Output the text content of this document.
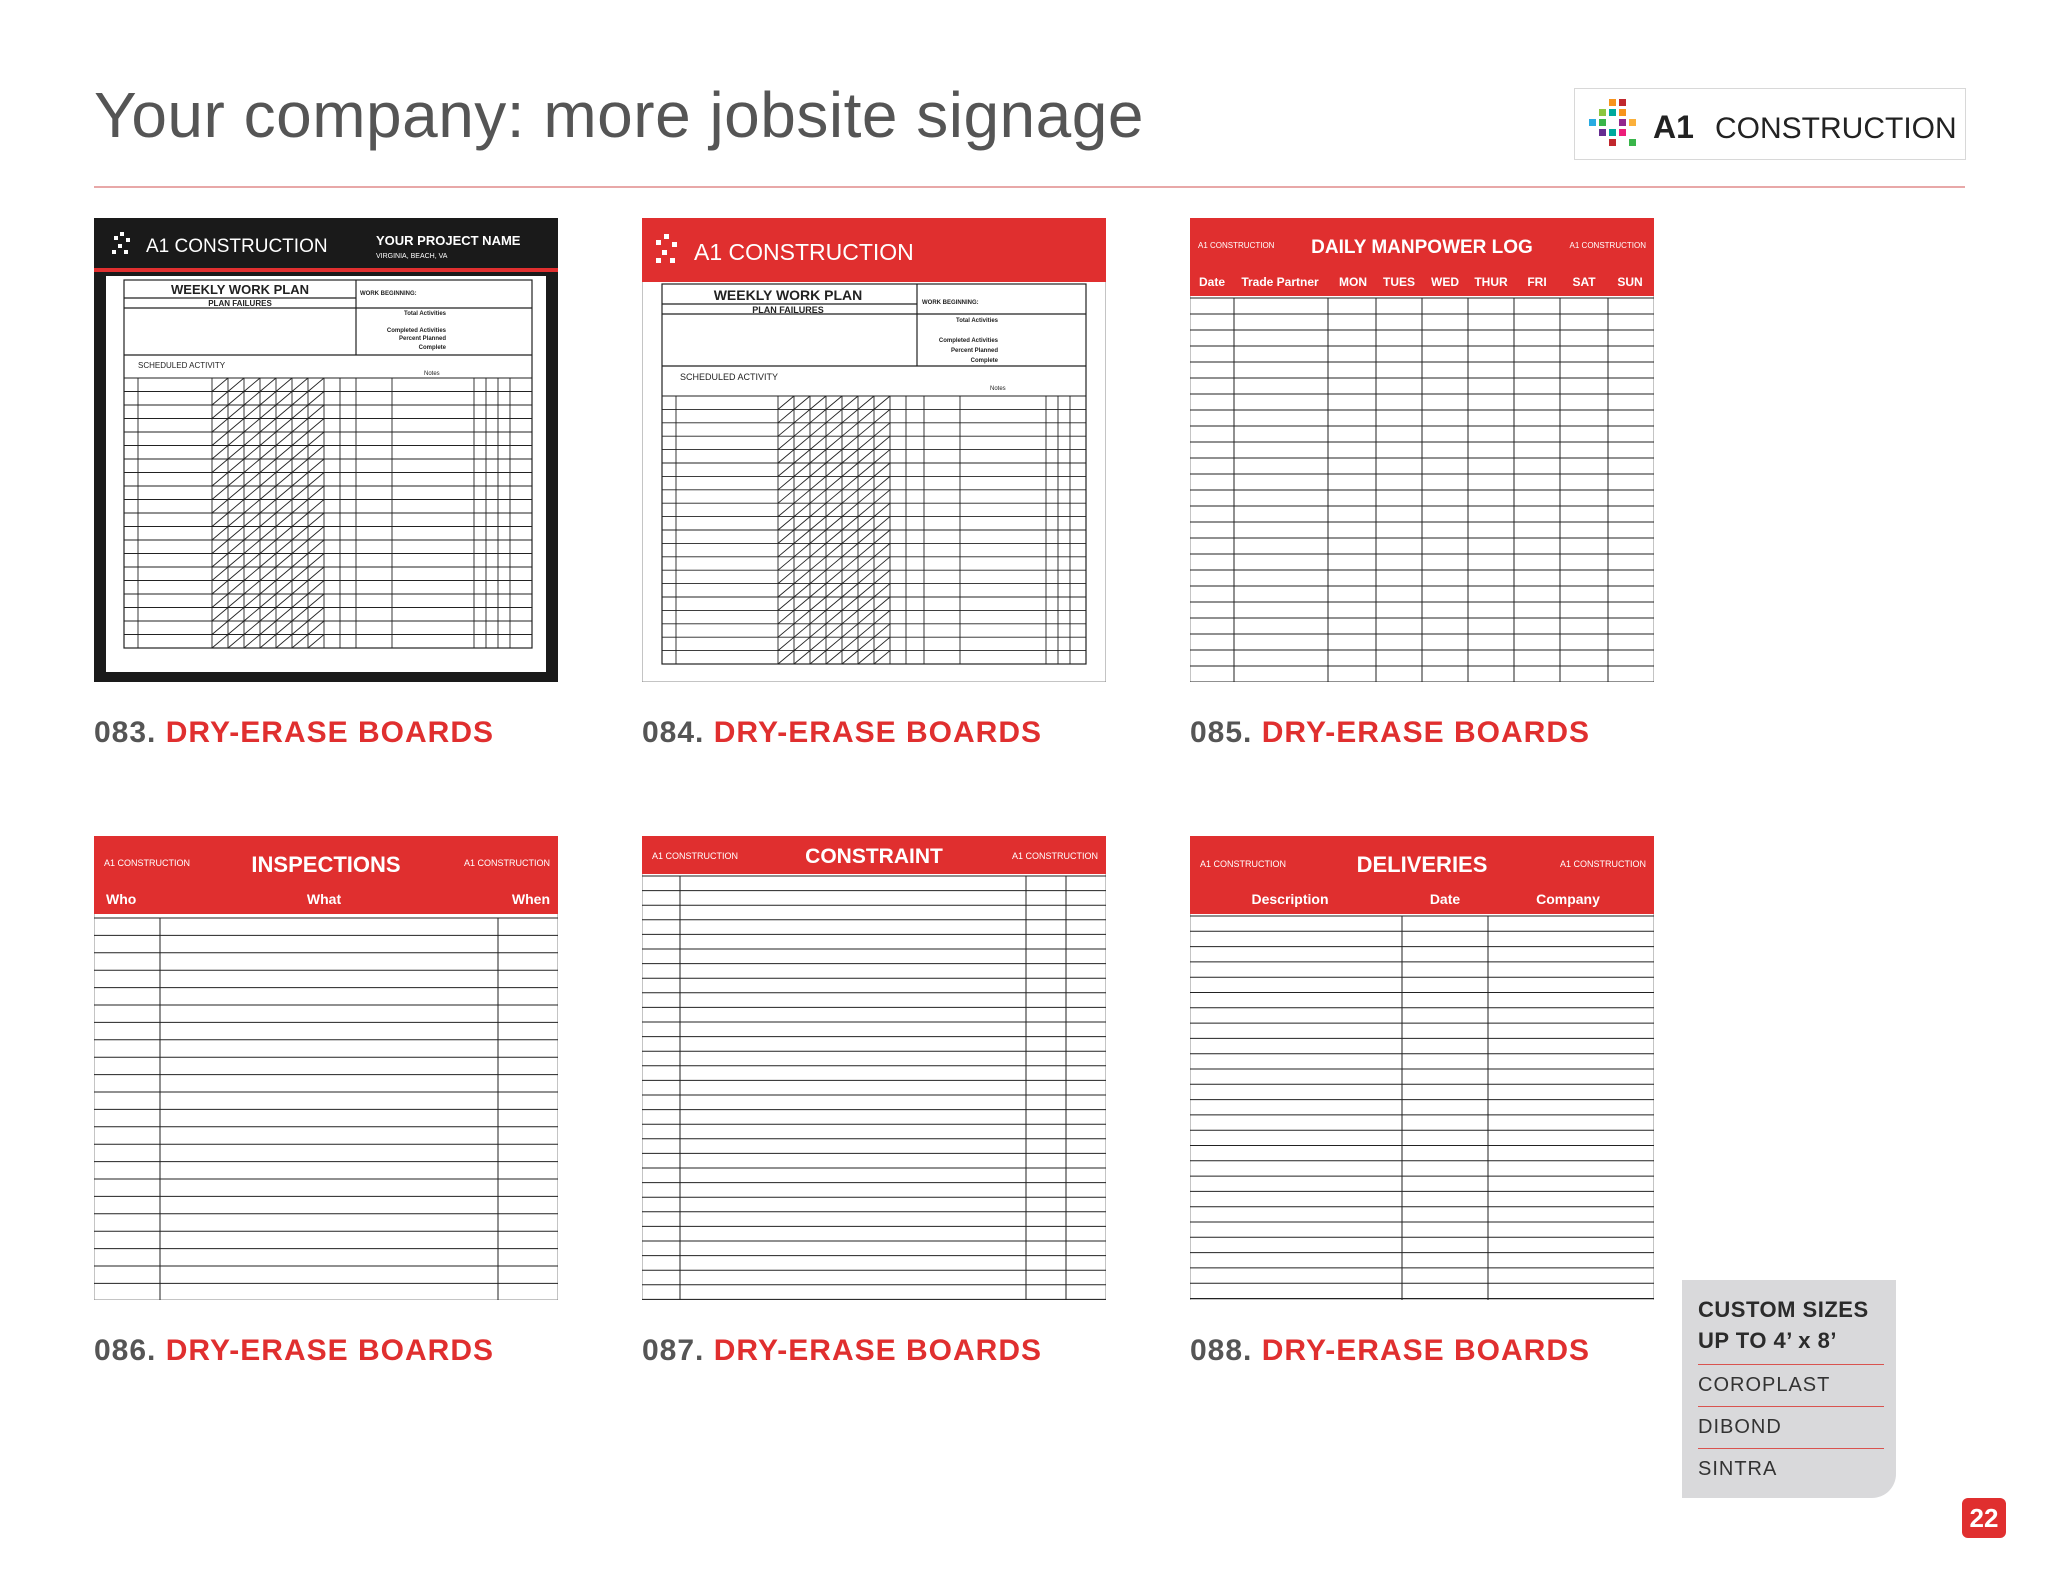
Your company: more jobsite signage	A1 CONSTRUCTION
A1 CONSTRUCTION	YOUR PROJECT NAME
VIRGINIA, BEACH, VA
WEEKLY WORK PLAN
PLAN FAILURES
WORK BEGINNING:
Total Activities
Completed Activities
Percent Planned
Complete
SCHEDULED ACTIVITY
Notes
A1 CONSTRUCTION
WEEKLY WORK PLAN
PLAN FAILURES
WORK BEGINNING:
Total Activities
Completed Activities
Percent Planned
Complete
SCHEDULED ACTIVITY
Notes
A1 CONSTRUCTION DAILY MANPOWER LOG	A1 CONSTRUCTION
Date Trade Partner MON TUES WED THUR FRI SAT SUN
A1 CONSTRUCTION	INSPECTIONS	A1 CONSTRUCTION
Who	What	When
A1 CONSTRUCTION	CONSTRAINT	A1 CONSTRUCTION
A1 CONSTRUCTION	DELIVERIES	A1 CONSTRUCTION
Description	Date	Company
083. DRY-ERASE BOARDS	084. DRY-ERASE BOARDS	085. DRY-ERASE BOARDS
086. DRY-ERASE BOARDS	087. DRY-ERASE BOARDS	088. DRY-ERASE BOARDS
CUSTOM SIZES
UP TO 4’ x 8’
COROPLAST
DIBOND
SINTRA
22
